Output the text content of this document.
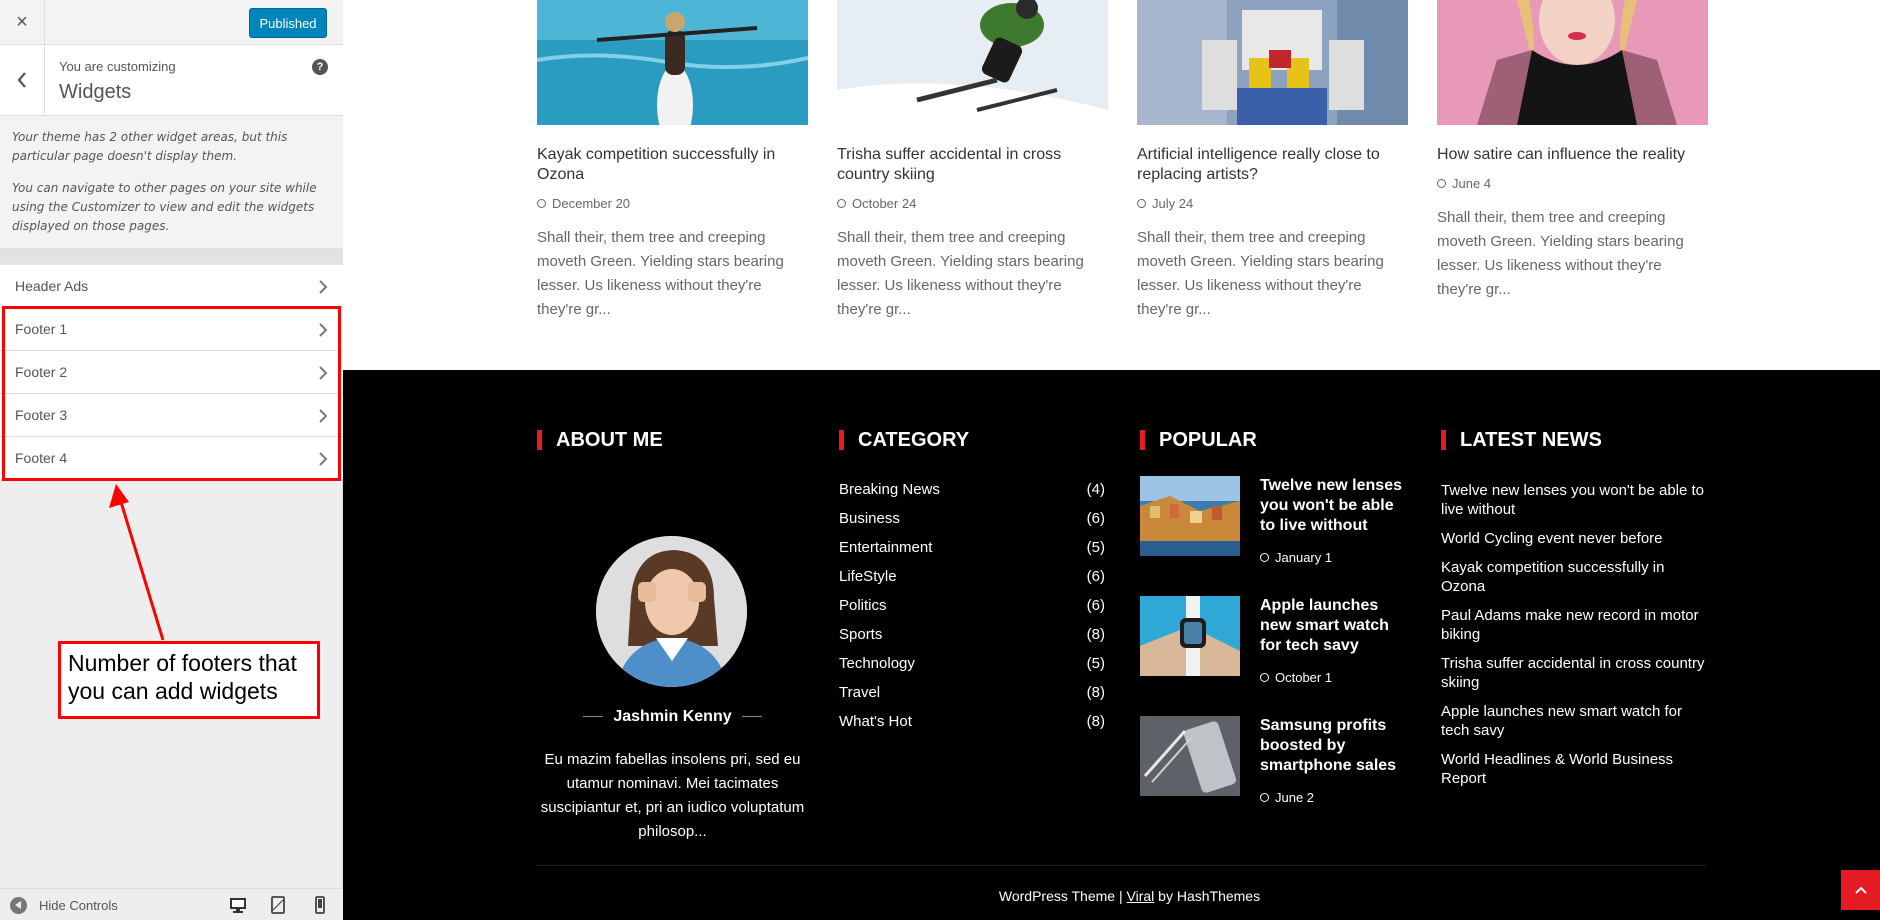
×	Published
You are customizing
Widgets
?

Your theme has 2 other widget areas, but this particular page doesn't display them.

You can navigate to other pages on your site while using the Customizer to view and edit the widgets displayed on those pages.

Header Ads
Footer 1
Footer 2
Footer 3
Footer 4
Number of footers that you can add widgets
Hide Controls
Kayak competition successfully in Ozona
December 20
Shall their, them tree and creeping moveth Green. Yielding stars bearing lesser. Us likeness without they're they're gr...
Trisha suffer accidental in cross country skiing
October 24
Shall their, them tree and creeping moveth Green. Yielding stars bearing lesser. Us likeness without they're they're gr...
Artificial intelligence really close to replacing artists?
July 24
Shall their, them tree and creeping moveth Green. Yielding stars bearing lesser. Us likeness without they're they're gr...
How satire can influence the reality
June 4
Shall their, them tree and creeping moveth Green. Yielding stars bearing lesser. Us likeness without they're they're gr...
ABOUT ME
Jashmin Kenny
Eu mazim fabellas insolens pri, sed eu utamur nominavi. Mei tacimates suscipiantur et, pri an iudico voluptatum philosop...
CATEGORY
Breaking News	(4)
Business	(6)
Entertainment	(5)
LifeStyle	(6)
Politics	(6)
Sports	(8)
Technology	(5)
Travel	(8)
What's Hot	(8)
POPULAR
Twelve new lenses you won't be able to live without
January 1
Apple launches new smart watch for tech savy
October 1
Samsung profits boosted by smartphone sales
June 2
LATEST NEWS
Twelve new lenses you won't be able to live without
World Cycling event never before
Kayak competition successfully in Ozona
Paul Adams make new record in motor biking
Trisha suffer accidental in cross country skiing
Apple launches new smart watch for tech savy
World Headlines & World Business Report
WordPress Theme | Viral by HashThemes
